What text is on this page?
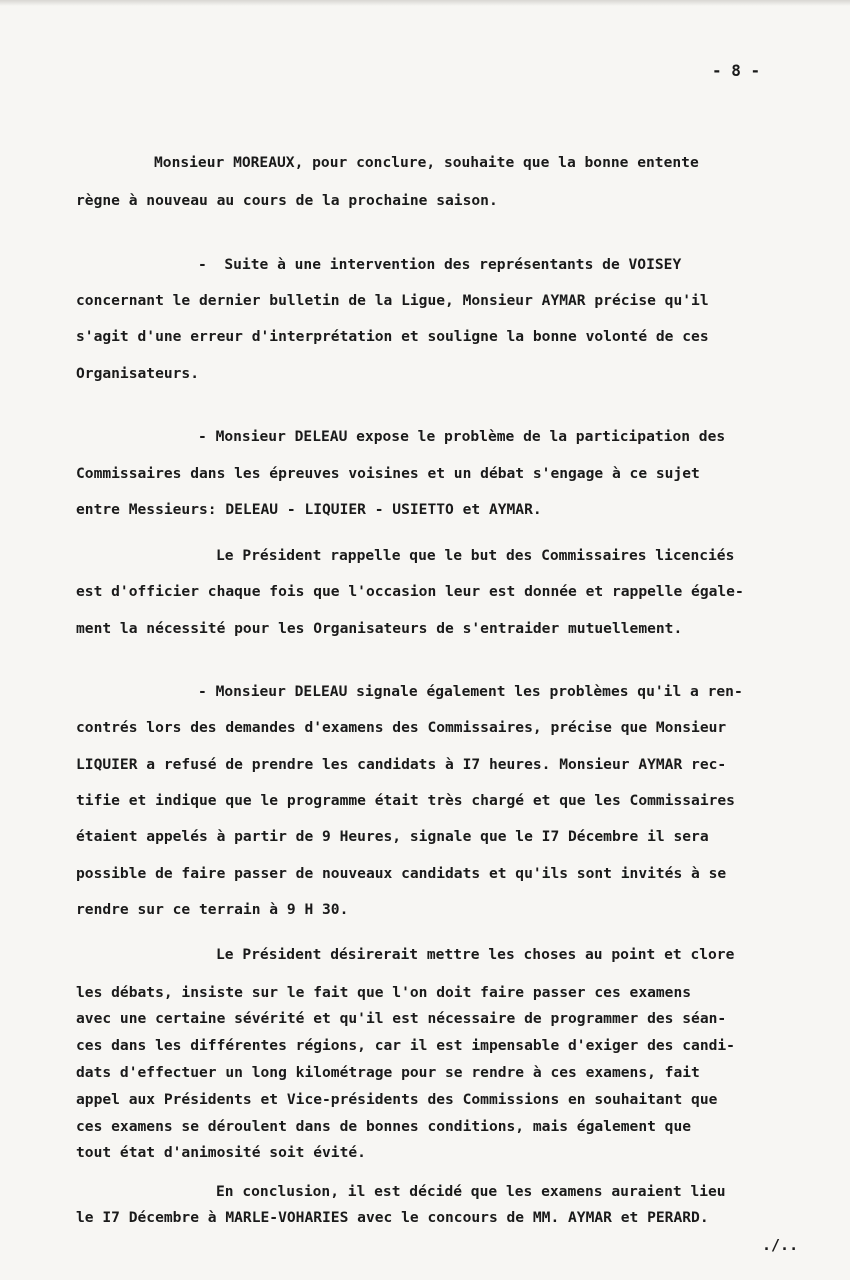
- 8 -
Monsieur MOREAUX, pour conclure, souhaite que la bonne entente
règne à nouveau au cours de la prochaine saison.
-  Suite à une intervention des représentants de VOISEY
concernant le dernier bulletin de la Ligue, Monsieur AYMAR précise qu'il
s'agit d'une erreur d'interprétation et souligne la bonne volonté de ces
Organisateurs.
- Monsieur DELEAU expose le problème de la participation des
Commissaires dans les épreuves voisines et un débat s'engage à ce sujet
entre Messieurs: DELEAU - LIQUIER - USIETTO et AYMAR.
Le Président rappelle que le but des Commissaires licenciés
est d'officier chaque fois que l'occasion leur est donnée et rappelle égale-
ment la nécessité pour les Organisateurs de s'entraider mutuellement.
- Monsieur DELEAU signale également les problèmes qu'il a ren-
contrés lors des demandes d'examens des Commissaires, précise que Monsieur
LIQUIER a refusé de prendre les candidats à I7 heures. Monsieur AYMAR rec-
tifie et indique que le programme était très chargé et que les Commissaires
étaient appelés à partir de 9 Heures, signale que le I7 Décembre il sera
possible de faire passer de nouveaux candidats et qu'ils sont invités à se
rendre sur ce terrain à 9 H 30.
Le Président désirerait mettre les choses au point et clore
les débats, insiste sur le fait que l'on doit faire passer ces examens
avec une certaine sévérité et qu'il est nécessaire de programmer des séan-
ces dans les différentes régions, car il est impensable d'exiger des candi-
dats d'effectuer un long kilométrage pour se rendre à ces examens, fait
appel aux Présidents et Vice-présidents des Commissions en souhaitant que
ces examens se déroulent dans de bonnes conditions, mais également que
tout état d'animosité soit évité.
En conclusion, il est décidé que les examens auraient lieu
le I7 Décembre à MARLE-VOHARIES avec le concours de MM. AYMAR et PERARD.
./..
